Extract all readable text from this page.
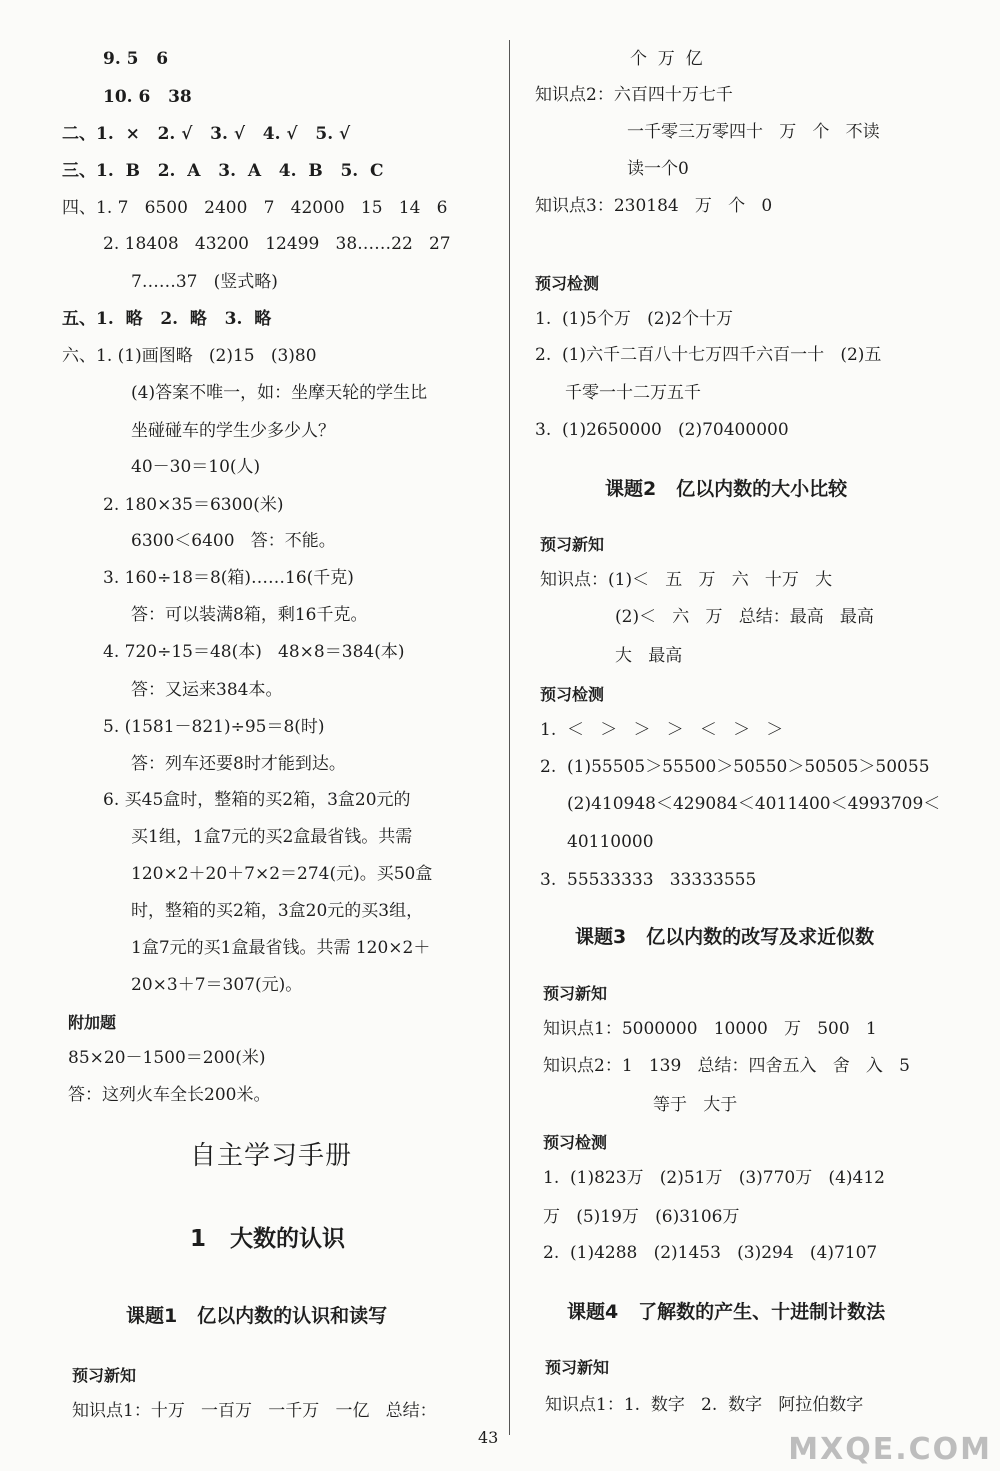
9. 5   6
10. 6   38
二、1.  ×   2. √   3. √   4. √   5. √
三、1.  B   2.  A   3.  A   4.  B   5.  C
四、1. 7   6500   2400   7   42000   15   14   6
2. 18408   43200   12499   38……22   27
7……37   (竖式略)
五、1.  略   2.  略   3.  略
六、1. (1)画图略   (2)15   (3)80
(4)答案不唯一，如：坐摩天轮的学生比
坐碰碰车的学生少多少人？
40－30＝10(人)
2. 180×35＝6300(米)
6300＜6400   答：不能。
3. 160÷18＝8(箱)……16(千克)
答：可以装满8箱，剩16千克。
4. 720÷15＝48(本)   48×8＝384(本)
答：又运来384本。
5. (1581－821)÷95＝8(时)
答：列车还要8时才能到达。
6. 买45盒时，整箱的买2箱，3盒20元的
买1组，1盒7元的买2盒最省钱。共需
120×2＋20＋7×2＝274(元)。买50盒
时，整箱的买2箱，3盒20元的买3组，
1盒7元的买1盒最省钱。共需 120×2＋
20×3＋7＝307(元)。
附加题
85×20－1500＝200(米)
答：这列火车全长200米。
自主学习手册
1   大数的认识
课题1   亿以内数的认识和读写
预习新知
知识点1：十万   一百万   一千万   一亿   总结：
个  万  亿
知识点2：六百四十万七千
一千零三万零四十   万   个   不读
读一个0
知识点3：230184   万   个   0
预习检测
1.  (1)5个万   (2)2个十万
2.  (1)六千二百八十七万四千六百一十   (2)五
千零一十二万五千
3.  (1)2650000   (2)70400000
课题2   亿以内数的大小比较
预习新知
知识点：(1)＜   五   万   六   十万   大
(2)＜   六   万   总结：最高   最高
大   最高
预习检测
1.  ＜   ＞   ＞   ＞   ＜   ＞   ＞
2.  (1)55505＞55500＞50550＞50505＞50055
(2)410948＜429084＜4011400＜4993709＜
40110000
3.  55533333   33333555
课题3   亿以内数的改写及求近似数
预习新知
知识点1：5000000   10000   万   500   1
知识点2：1   139   总结：四舍五入   舍   入   5
等于   大于
预习检测
1.  (1)823万   (2)51万   (3)770万   (4)412
万   (5)19万   (6)3106万
2.  (1)4288   (2)1453   (3)294   (4)7107
课题4   了解数的产生、十进制计数法
预习新知
知识点1：1.  数字   2.  数字   阿拉伯数字
43	MXQE.COM
